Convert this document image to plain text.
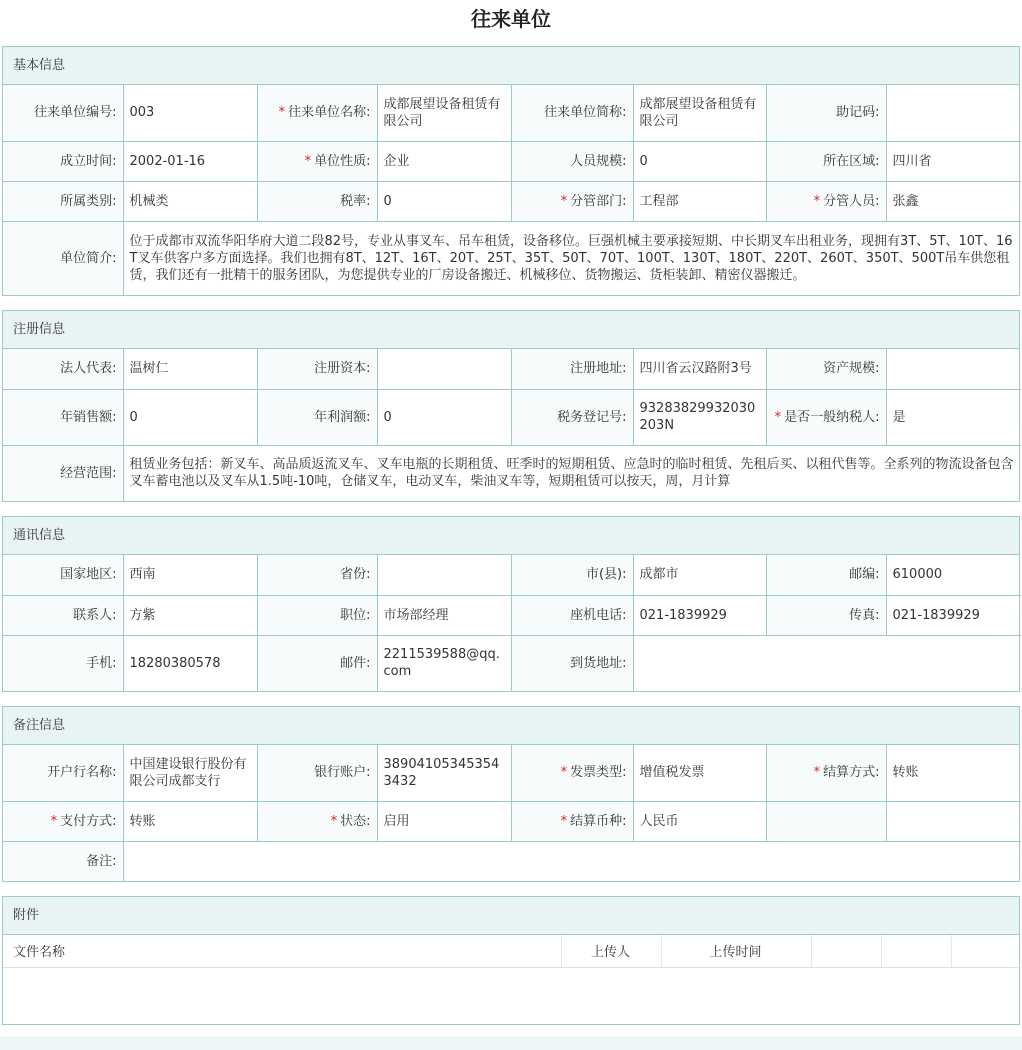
往来单位
基本信息
往来单位编号:	003	* 往来单位名称:	成都展望设备租赁有限公司	往来单位简称:	成都展望设备租赁有限公司	助记码:	
成立时间:	2002-01-16	* 单位性质:	企业	人员规模:	0	所在区域:	四川省
所属类别:	机械类	税率:	0	* 分管部门:	工程部	* 分管人员:	张鑫
单位简介:	位于成都市双流华阳华府大道二段82号，专业从事叉车、吊车租赁，设备移位。巨强机械主要承接短期、中长期叉车出租业务，现拥有3T、5T、10T、16T叉车供客户多方面选择。我们也拥有8T、12T、16T、20T、25T、35T、50T、70T、100T、130T、180T、220T、260T、350T、500T吊车供您租赁，我们还有一批精干的服务团队，为您提供专业的厂房设备搬迁、机械移位、货物搬运、货柜装卸、精密仪器搬迁。						
注册信息
法人代表:	温树仁	注册资本:		注册地址:	四川省云汉路附3号	资产规模:	
年销售额:	0	年利润额:	0	税务登记号:	93283829932030203N	* 是否一般纳税人:	是
经营范围:	租赁业务包括：新叉车、高品质返流叉车、叉车电瓶的长期租赁、旺季时的短期租赁、应急时的临时租赁、先租后买、以租代售等。全系列的物流设备包含叉车蓄电池以及叉车从1.5吨-10吨，仓储叉车，电动叉车，柴油叉车等，短期租赁可以按天，周，月计算						
通讯信息
国家地区:	西南	省份:		市(县):	成都市	邮编:	610000
联系人:	方紫	职位:	市场部经理	座机电话:	021-1839929	传真:	021-1839929
手机:	18280380578	邮件:	2211539588@qq.com	到货地址:			
备注信息
开户行名称:	中国建设银行股份有限公司成都支行	银行账户:	389041053453543432	* 发票类型:	增值税发票	* 结算方式:	转账
* 支付方式:	转账	* 状态:	启用	* 结算币种:	人民币		
备注:							
附件
文件名称	上传人	上传时间			
